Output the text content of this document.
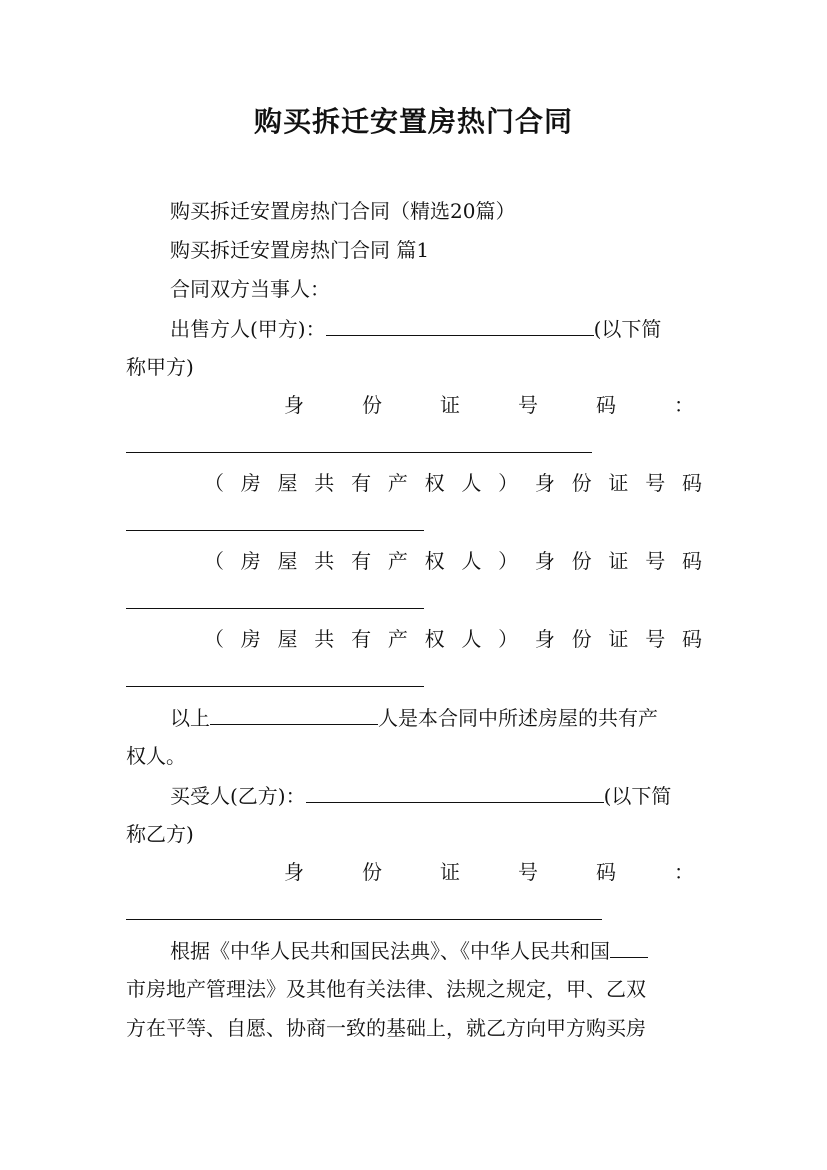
购买拆迁安置房热门合同
购买拆迁安置房热门合同（精选20篇）
购买拆迁安置房热门合同 篇1
合同双方当事人：
出售方人(甲方)：	(以下简
称甲方)
身	份	证	号	码	：
（ 房 屋 共 有 产 权 人 ） 身 份 证 号 码
（ 房 屋 共 有 产 权 人 ） 身 份 证 号 码
（ 房 屋 共 有 产 权 人 ） 身 份 证 号 码
以上	人是本合同中所述房屋的共有产
权人。
买受人(乙方)：	(以下简
称乙方)
身	份	证	号	码	：
根据《中华人民共和国民法典》、《中华人民共和国
市房地产管理法》及其他有关法律、法规之规定，甲、乙双
方在平等、自愿、协商一致的基础上，就乙方向甲方购买房
